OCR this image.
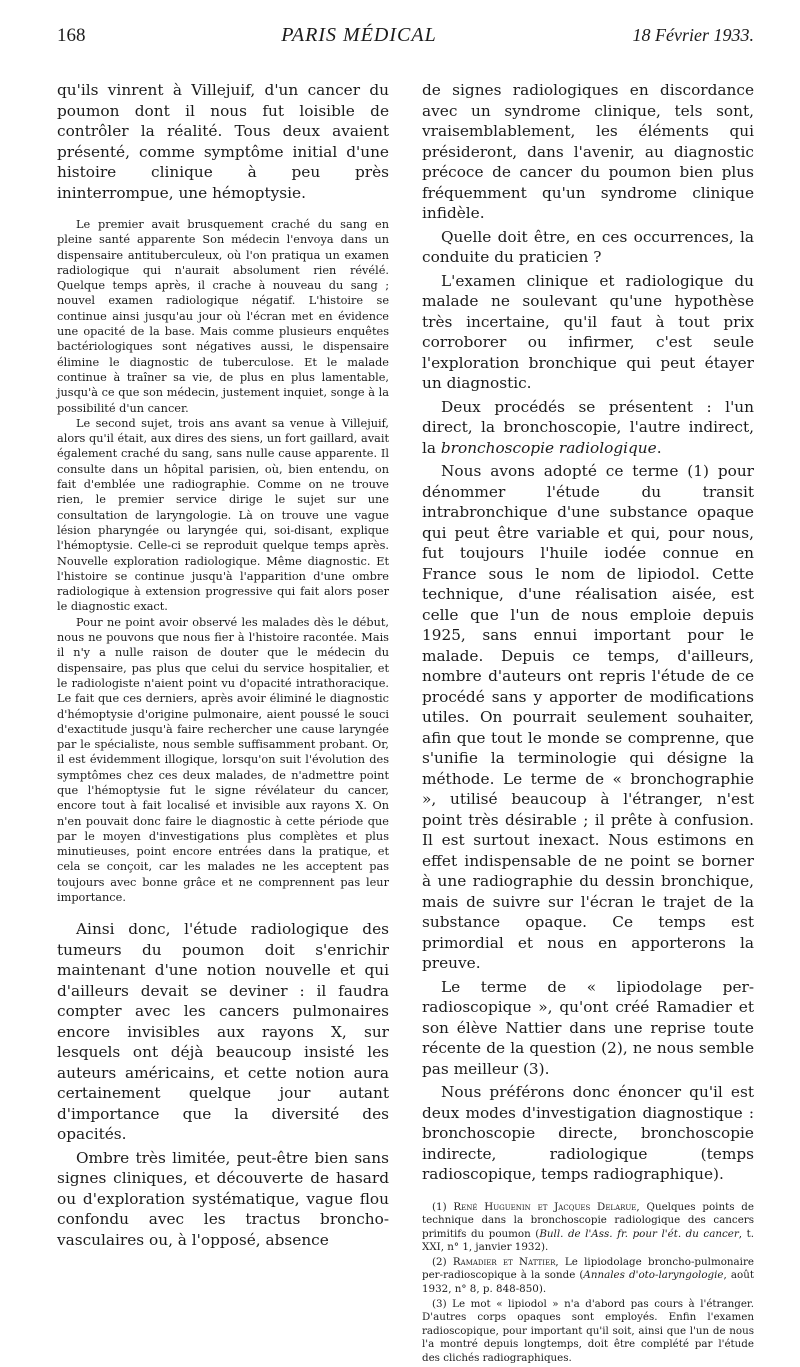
168	PARIS MÉDICAL	18 Février 1933.

qu'ils vinrent à Villejuif, d'un cancer du poumon dont il nous fut loisible de contrôler la réalité. Tous deux avaient présenté, comme symptôme initial d'une histoire clinique à peu près ininterrompue, une hémoptysie.

Le premier avait brusquement craché du sang en pleine santé apparente Son médecin l'envoya dans un dispensaire antituberculeux, où l'on pratiqua un examen radiologique qui n'aurait absolument rien révélé. Quelque temps après, il crache à nouveau du sang ; nouvel examen radiologique négatif. L'histoire se continue ainsi jusqu'au jour où l'écran met en évidence une opacité de la base. Mais comme plusieurs enquêtes bactériologiques sont négatives aussi, le dispensaire élimine le diagnostic de tuberculose. Et le malade continue à traîner sa vie, de plus en plus lamentable, jusqu'à ce que son médecin, justement inquiet, songe à la possibilité d'un cancer.

Le second sujet, trois ans avant sa venue à Villejuif, alors qu'il était, aux dires des siens, un fort gaillard, avait également craché du sang, sans nulle cause apparente. Il consulte dans un hôpital parisien, où, bien entendu, on fait d'emblée une radiographie. Comme on ne trouve rien, le premier service dirige le sujet sur une consultation de laryngologie. Là on trouve une vague lésion pharyngée ou laryngée qui, soi-disant, explique l'hémoptysie. Celle-ci se reproduit quelque temps après. Nouvelle exploration radiologique. Même diagnostic. Et l'histoire se continue jusqu'à l'apparition d'une ombre radiologique à extension progressive qui fait alors poser le diagnostic exact.

Pour ne point avoir observé les malades dès le début, nous ne pouvons que nous fier à l'histoire racontée. Mais il n'y a nulle raison de douter que le médecin du dispensaire, pas plus que celui du service hospitalier, et le radiologiste n'aient point vu d'opacité intrathoracique. Le fait que ces derniers, après avoir éliminé le diagnostic d'hémoptysie d'origine pulmonaire, aient poussé le souci d'exactitude jusqu'à faire rechercher une cause laryngée par le spécialiste, nous semble suffisamment probant. Or, il est évidemment illogique, lorsqu'on suit l'évolution des symptômes chez ces deux malades, de n'admettre point que l'hémoptysie fut le signe révélateur du cancer, encore tout à fait localisé et invisible aux rayons X. On n'en pouvait donc faire le diagnostic à cette période que par le moyen d'investigations plus complètes et plus minutieuses, point encore entrées dans la pratique, et cela se conçoit, car les malades ne les acceptent pas toujours avec bonne grâce et ne comprennent pas leur importance.

Ainsi donc, l'étude radiologique des tumeurs du poumon doit s'enrichir maintenant d'une notion nouvelle et qui d'ailleurs devait se deviner : il faudra compter avec les cancers pulmonaires encore invisibles aux rayons X, sur lesquels ont déjà beaucoup insisté les auteurs américains, et cette notion aura certainement quelque jour autant d'importance que la diversité des opacités.

Ombre très limitée, peut-être bien sans signes cliniques, et découverte de hasard ou d'exploration systématique, vague flou confondu avec les tractus broncho-vasculaires ou, à l'opposé, absence

de signes radiologiques en discordance avec un syndrome clinique, tels sont, vraisemblablement, les éléments qui présideront, dans l'avenir, au diagnostic précoce de cancer du poumon bien plus fréquemment qu'un syndrome clinique infidèle.

Quelle doit être, en ces occurrences, la conduite du praticien ?

L'examen clinique et radiologique du malade ne soulevant qu'une hypothèse très incertaine, qu'il faut à tout prix corroborer ou infirmer, c'est seule l'exploration bronchique qui peut étayer un diagnostic.

Deux procédés se présentent : l'un direct, la bronchoscopie, l'autre indirect, la bronchoscopie radiologique.

Nous avons adopté ce terme (1) pour dénommer l'étude du transit intrabronchique d'une substance opaque qui peut être variable et qui, pour nous, fut toujours l'huile iodée connue en France sous le nom de lipiodol. Cette technique, d'une réalisation aisée, est celle que l'un de nous emploie depuis 1925, sans ennui important pour le malade. Depuis ce temps, d'ailleurs, nombre d'auteurs ont repris l'étude de ce procédé sans y apporter de modifications utiles. On pourrait seulement souhaiter, afin que tout le monde se comprenne, que s'unifie la terminologie qui désigne la méthode. Le terme de « bronchographie », utilisé beaucoup à l'étranger, n'est point très désirable ; il prête à confusion. Il est surtout inexact. Nous estimons en effet indispensable de ne point se borner à une radiographie du dessin bronchique, mais de suivre sur l'écran le trajet de la substance opaque. Ce temps est primordial et nous en apporterons la preuve.

Le terme de « lipiodolage per-radioscopique », qu'ont créé Ramadier et son élève Nattier dans une reprise toute récente de la question (2), ne nous semble pas meilleur (3).

Nous préférons donc énoncer qu'il est deux modes d'investigation diagnostique : bronchoscopie directe, bronchoscopie indirecte, radiologique (temps radioscopique, temps radiographique).

(1) René Huguenin et Jacques Delarue, Quelques points de technique dans la bronchoscopie radiologique des cancers primitifs du poumon (Bull. de l'Ass. fr. pour l'ét. du cancer, t. XXI, n° 1, janvier 1932).

(2) Ramadier et Nattier, Le lipiodolage broncho-pulmonaire per-radioscopique à la sonde (Annales d'oto-laryngologie, août 1932, n° 8, p. 848-850).

(3) Le mot « lipiodol » n'a d'abord pas cours à l'étranger. D'autres corps opaques sont employés. Enfin l'examen radioscopique, pour important qu'il soit, ainsi que l'un de nous l'a montré depuis longtemps, doit être complété par l'étude des clichés radiographiques.
